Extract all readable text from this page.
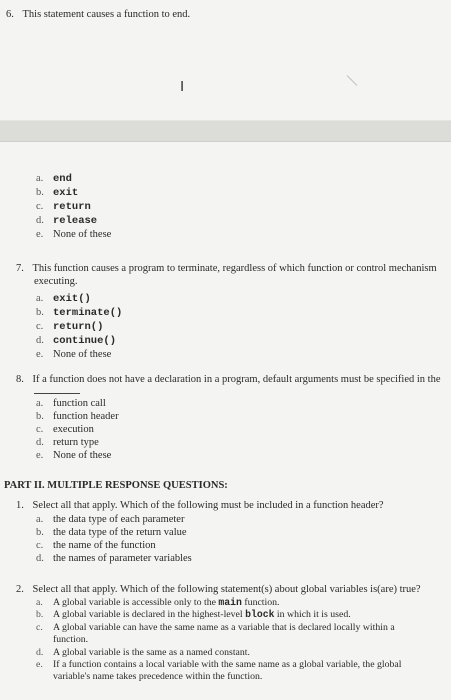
6. This statement causes a function to end.
I
a. end
b. exit
c. return
d. release
e. None of these
7. This function causes a program to terminate, regardless of which function or control mechanism
executing.
a. exit()
b. terminate()
c. return()
d. continue()
e. None of these
8. If a function does not have a declaration in a program, default arguments must be specified in the
a. function call
b. function header
c. execution
d. return type
e. None of these
PART II. MULTIPLE RESPONSE QUESTIONS:
1. Select all that apply. Which of the following must be included in a function header?
a. the data type of each parameter
b. the data type of the return value
c. the name of the function
d. the names of parameter variables
2. Select all that apply. Which of the following statement(s) about global variables is(are) true?
a. A global variable is accessible only to the main function.
b. A global variable is declared in the highest-level block in which it is used.
c. A global variable can have the same name as a variable that is declared locally within a
function.
d. A global variable is the same as a named constant.
e. If a function contains a local variable with the same name as a global variable, the global
variable's name takes precedence within the function.
